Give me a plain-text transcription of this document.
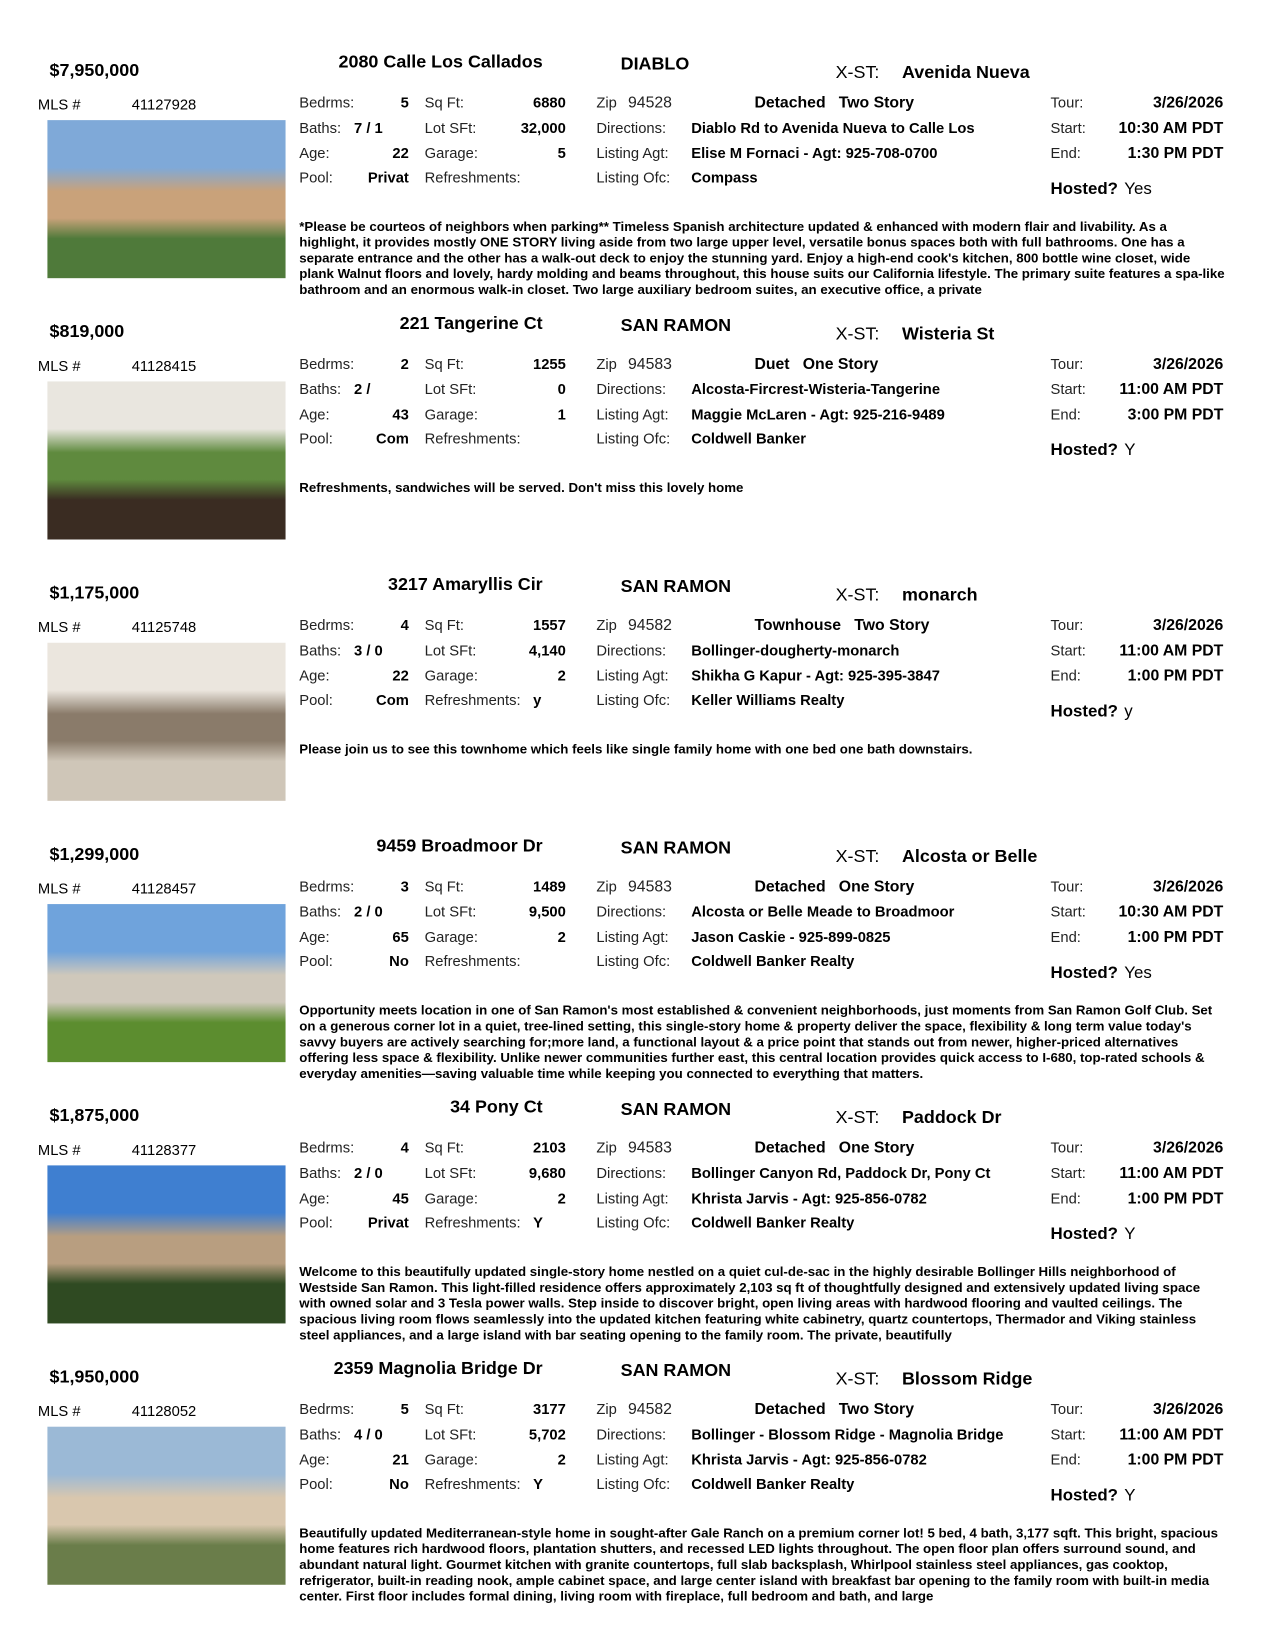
$7,950,000	2080 Calle Los Callados	DIABLO	X-ST: Avenida Nueva
MLS #	41127928	Bedrms:	5
Baths: 7 / 1
Age:	22
Pool: Privat
Sq Ft:	6880
Lot SFt:	32,000
Garage:	5
Refreshments:
Zip 94528	Detached   Two Story
Directions: Diablo Rd to Avenida Nueva to Calle Los
Listing Agt: Elise M Fornaci - Agt: 925-708-0700
Listing Ofc: Compass
Tour:	3/26/2026
Start: 10:30 AM PDT
End:	1:30 PM PDT
Hosted? Yes
*Please be courteos of neighbors when parking** Timeless Spanish architecture updated & enhanced with modern flair and livability. As a highlight, it provides mostly ONE STORY living aside from two large upper level, versatile bonus spaces both with full bathrooms. One has a separate entrance and the other has a walk-out deck to enjoy the stunning yard. Enjoy a high-end cook's kitchen, 800 bottle wine closet, wide plank Walnut floors and lovely, hardy molding and beams throughout, this house suits our California lifestyle. The primary suite features a spa-like bathroom and an enormous walk-in closet. Two large auxiliary bedroom suites, an executive office, a private
$819,000	221 Tangerine Ct	SAN RAMON	X-ST: Wisteria St
MLS #	41128415	Bedrms:	2
Baths: 2 /
Age:	43
Pool:	Com
Sq Ft:	1255
Lot SFt:	0
Garage:	1
Refreshments:
Zip 94583	Duet   One Story
Directions: Alcosta-Fircrest-Wisteria-Tangerine
Listing Agt: Maggie McLaren - Agt: 925-216-9489
Listing Ofc: Coldwell Banker
Tour:	3/26/2026
Start: 11:00 AM PDT
End:	3:00 PM PDT
Hosted? Y
Refreshments, sandwiches will be served. Don't miss this lovely home
$1,175,000	3217 Amaryllis Cir	SAN RAMON	X-ST: monarch
MLS #	41125748	Bedrms:	4
Baths: 3 / 0
Age:	22
Pool:	Com
Sq Ft:	1557
Lot SFt:	4,140
Garage:	2
Refreshments: y
Zip 94582	Townhouse   Two Story
Directions: Bollinger-dougherty-monarch
Listing Agt: Shikha G Kapur - Agt: 925-395-3847
Listing Ofc: Keller Williams Realty
Tour:	3/26/2026
Start: 11:00 AM PDT
End:	1:00 PM PDT
Hosted? y
Please join us to see this townhome which feels like single family home with one bed one bath downstairs.
$1,299,000	9459 Broadmoor Dr	SAN RAMON	X-ST: Alcosta or Belle
MLS #	41128457	Bedrms:	3
Baths: 2 / 0
Age:	65
Pool:	No
Sq Ft:	1489
Lot SFt:	9,500
Garage:	2
Refreshments:
Zip 94583	Detached   One Story
Directions: Alcosta or Belle Meade to Broadmoor
Listing Agt: Jason Caskie - 925-899-0825
Listing Ofc: Coldwell Banker Realty
Tour:	3/26/2026
Start: 10:30 AM PDT
End:	1:00 PM PDT
Hosted? Yes
Opportunity meets location in one of San Ramon's most established & convenient neighborhoods, just moments from San Ramon Golf Club. Set on a generous corner lot in a quiet, tree-lined setting, this single-story home & property deliver the space, flexibility & long term value today's savvy buyers are actively searching for;more land, a functional layout & a price point that stands out from newer, higher-priced alternatives offering less space & flexibility. Unlike newer communities further east, this central location provides quick access to I-680, top-rated schools & everyday amenities—saving valuable time while keeping you connected to everything that matters.
$1,875,000	34 Pony Ct	SAN RAMON	X-ST: Paddock Dr
MLS #	41128377	Bedrms:	4
Baths: 2 / 0
Age:	45
Pool: Privat
Sq Ft:	2103
Lot SFt:	9,680
Garage:	2
Refreshments: Y
Zip 94583	Detached   One Story
Directions: Bollinger Canyon Rd, Paddock Dr, Pony Ct
Listing Agt: Khrista Jarvis - Agt: 925-856-0782
Listing Ofc: Coldwell Banker Realty
Tour:	3/26/2026
Start: 11:00 AM PDT
End:	1:00 PM PDT
Hosted? Y
Welcome to this beautifully updated single-story home nestled on a quiet cul-de-sac in the highly desirable Bollinger Hills neighborhood of Westside San Ramon. This light-filled residence offers approximately 2,103 sq ft of thoughtfully designed and extensively updated living space with owned solar and 3 Tesla power walls. Step inside to discover bright, open living areas with hardwood flooring and vaulted ceilings. The spacious living room flows seamlessly into the updated kitchen featuring white cabinetry, quartz countertops, Thermador and Viking stainless steel appliances, and a large island with bar seating opening to the family room. The private, beautifully
$1,950,000	2359 Magnolia Bridge Dr	SAN RAMON	X-ST: Blossom Ridge
MLS #	41128052	Bedrms:	5
Baths: 4 / 0
Age:	21
Pool:	No
Sq Ft:	3177
Lot SFt:	5,702
Garage:	2
Refreshments: Y
Zip 94582	Detached   Two Story
Directions: Bollinger - Blossom Ridge - Magnolia Bridge
Listing Agt: Khrista Jarvis - Agt: 925-856-0782
Listing Ofc: Coldwell Banker Realty
Tour:	3/26/2026
Start: 11:00 AM PDT
End:	1:00 PM PDT
Hosted? Y
Beautifully updated Mediterranean-style home in sought-after Gale Ranch on a premium corner lot! 5 bed, 4 bath, 3,177 sqft. This bright, spacious home features rich hardwood floors, plantation shutters, and recessed LED lights throughout. The open floor plan offers surround sound, and abundant natural light. Gourmet kitchen with granite countertops, full slab backsplash, Whirlpool stainless steel appliances, gas cooktop, refrigerator, built-in reading nook, ample cabinet space, and large center island with breakfast bar opening to the family room with built-in media center. First floor includes formal dining, living room with fireplace, full bedroom and bath, and large
